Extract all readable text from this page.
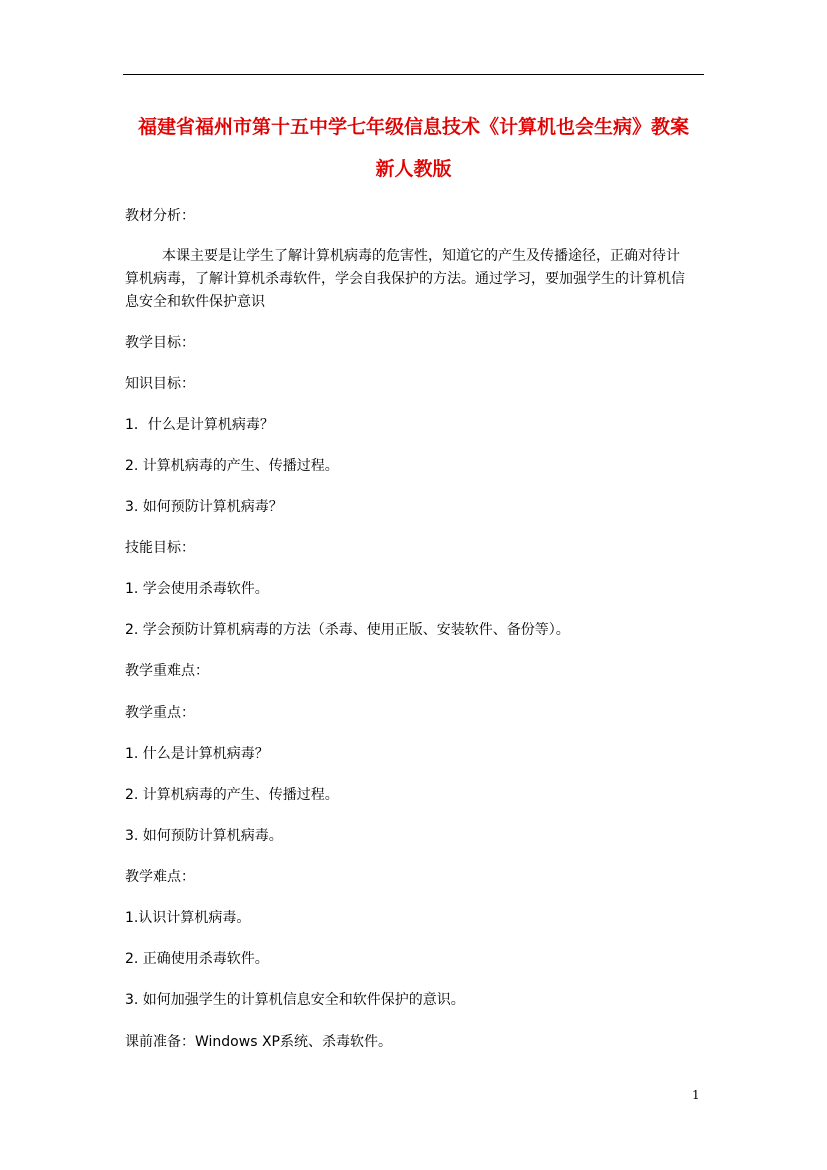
福建省福州市第十五中学七年级信息技术《计算机也会生病》教案
新人教版
教材分析：
本课主要是让学生了解计算机病毒的危害性，知道它的产生及传播途径，正确对待计算机病毒，了解计算机杀毒软件，学会自我保护的方法。通过学习，要加强学生的计算机信息安全和软件保护意识
教学目标：
知识目标：
1．什么是计算机病毒？
2. 计算机病毒的产生、传播过程。
3. 如何预防计算机病毒？
技能目标：
1. 学会使用杀毒软件。
2. 学会预防计算机病毒的方法（杀毒、使用正版、安装软件、备份等）。
教学重难点：
教学重点：
1. 什么是计算机病毒？
2. 计算机病毒的产生、传播过程。
3. 如何预防计算机病毒。
教学难点：
1.认识计算机病毒。
2. 正确使用杀毒软件。
3. 如何加强学生的计算机信息安全和软件保护的意识。
课前准备：Windows XP系统、杀毒软件。
1
